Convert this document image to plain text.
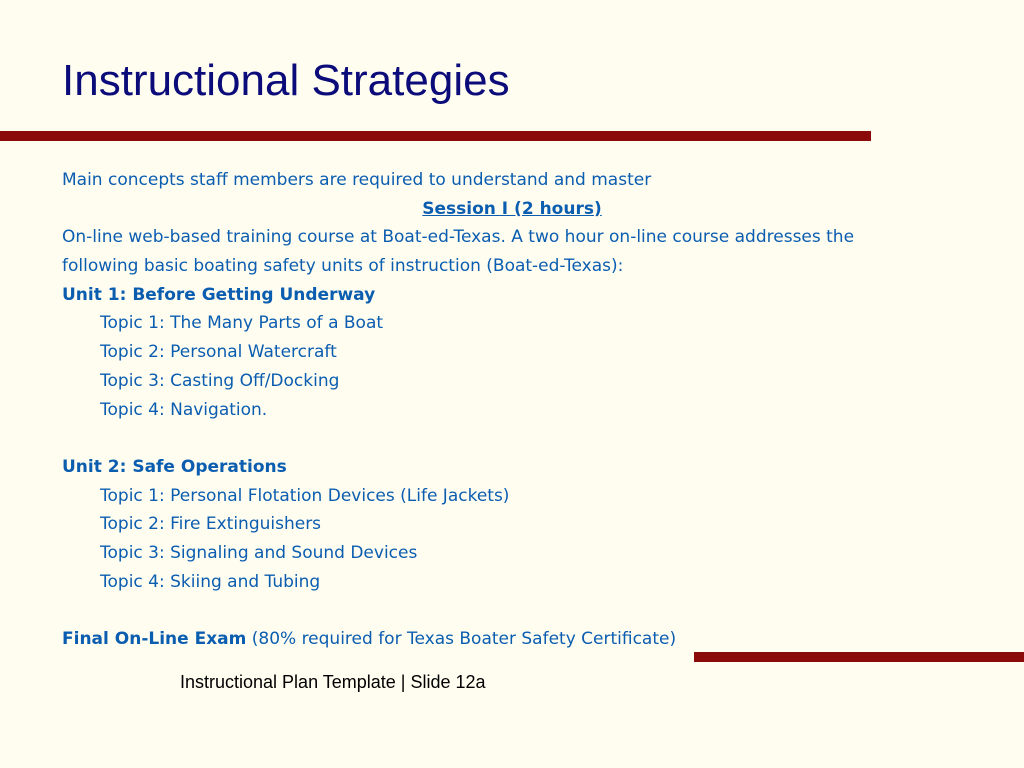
Instructional Strategies
Main concepts staff members are required to understand and master
Session I (2 hours)
On-line web-based training course at Boat-ed-Texas. A two hour on-line course addresses the
following basic boating safety units of instruction (Boat-ed-Texas):
Unit 1: Before Getting Underway
Topic 1: The Many Parts of a Boat
Topic 2: Personal Watercraft
Topic 3: Casting Off/Docking
Topic 4: Navigation.
Unit 2: Safe Operations
Topic 1: Personal Flotation Devices (Life Jackets)
Topic 2: Fire Extinguishers
Topic 3: Signaling and Sound Devices
Topic 4: Skiing and Tubing
Final On-Line Exam (80% required for Texas Boater Safety Certificate)
Instructional Plan Template | Slide 12a
